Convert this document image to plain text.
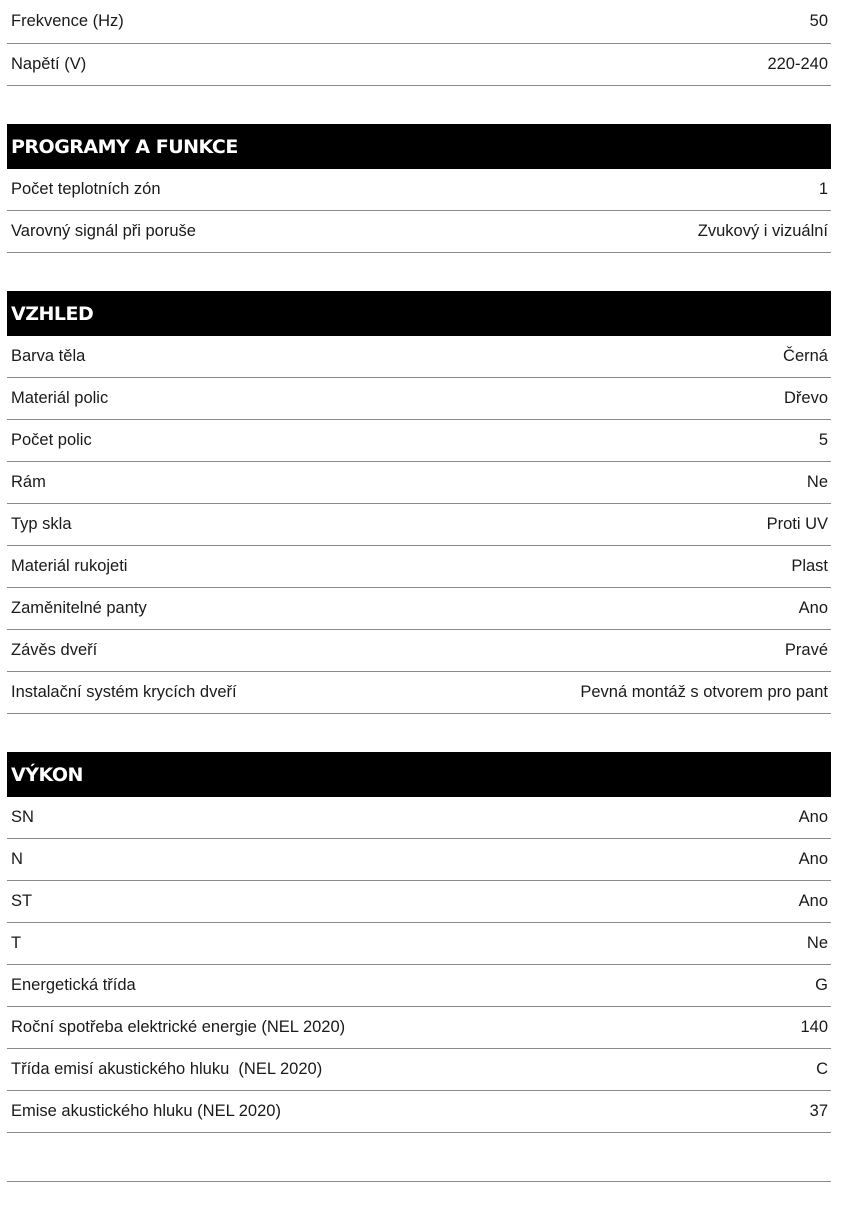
Frekvence (Hz)	50
Napětí (V)	220-240
PROGRAMY A FUNKCE
Počet teplotních zón	1
Varovný signál při poruše	Zvukový i vizuální
VZHLED
Barva těla	Černá
Materiál polic	Dřevo
Počet polic	5
Rám	Ne
Typ skla	Proti UV
Materiál rukojeti	Plast
Zaměnitelné panty	Ano
Závěs dveří	Pravé
Instalační systém krycích dveří	Pevná montáž s otvorem pro pant
VÝKON
SN	Ano
N	Ano
ST	Ano
T	Ne
Energetická třída	G
Roční spotřeba elektrické energie (NEL 2020)	140
Třída emisí akustického hluku  (NEL 2020)	C
Emise akustického hluku (NEL 2020)	37
